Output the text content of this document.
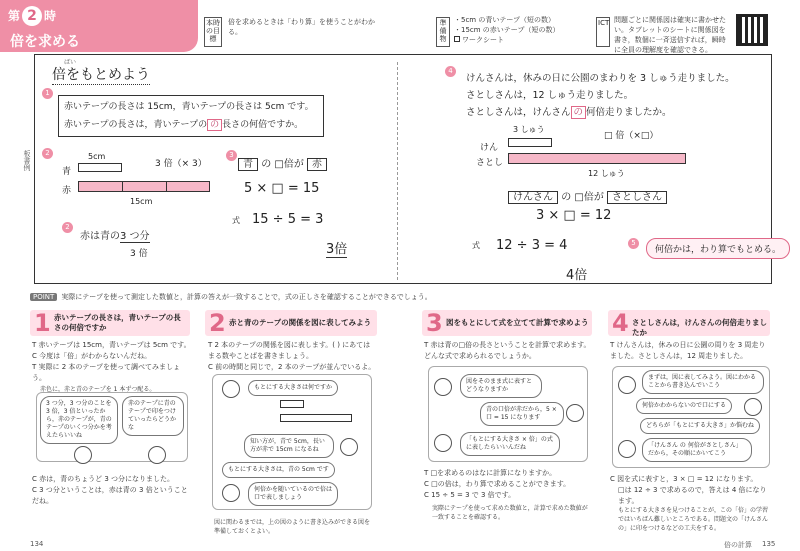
第 2 時
倍を求める
本時の目標
倍を求めるときは「わり算」を使うことがわかる。
準備物
・5cm の青いテープ（短の数）
・15cm の赤いテープ（短の数）
ワークシート
ICT 問題ごとに関係図は確実に書かせたい。タブレットのシートに関係図を書き，数個に一斉送信すれば，瞬時に全員の理解度を確認できる。
板書例
ばい
倍をもとめよう
1
赤いテープの長さは 15cm，青いテープの長さは 5cm です。
赤いテープの長さは，青いテープの の 長さの何倍ですか。
2
青
赤
5cm
15cm
3 倍（× 3）
3
青 の □倍が 赤
5 × □ = 15
式 15 ÷ 5 = 3
3倍
2
赤は青の3 つ分
3 倍
4
けんさんは，休みの日に公園のまわりを 3 しゅう走りました。
さとしさんは，12 しゅう走りました。
さとしさんは，けんさん の 何倍走りましたか。
3 しゅう
けん
さとし
12 しゅう
□ 倍（×□）
けんさん の □倍が さとしさん
3 × □ = 12
式 12 ÷ 3 = 4
4倍
5
何倍かは，わり算でもとめる。
POINT 実際にテープを使って測定した数値と，計算の答えが一致することで，式の正しさを確認することができるでしょう。
1 赤いテープの長さは，青いテープの長さの何倍ですか
T 赤いテープは 15cm，青いテープは 5cm です。
C 今度は「倍」がわからないんだね。
T 実際に 2 本のテープを使って調べてみましょう。
赤色に，赤と青のテープを 1 本ずつ配る。
3 つ分，3 つ分のことを 3 倍，3 倍といったから，赤のテープが，青のテープのいくつ分かを考えたらいいね
赤のテープに青のテープで印をつけていったらどうかな
C 赤は，青のちょうど 3 つ分になりました。
C 3 つ分ということは，赤は青の 3 倍ということだね。
2 赤と青のテープの関係を図に表してみよう
T 2 本のテープの関係を図に表します。( ) にあてはまる数やことばを書きましょう。
C 前の時間と同じで，2 本のテープが並んでいるよ。
もとにする大きさは何ですか
知い方が，青で 5cm，長い方が赤で 15cm になるね
もとにする大きさは，青の 5cm です
何倍かを随いているので倍は口で表しましょう
図に関わるまでは，上の図のように書き込みができる図を準備しておくとよい。
3 図をもとにして式を立てて計算で求めよう
T 赤は青の□倍の長さということを計算で求めます。どんな式で求められるでしょうか。
図をそのまま式に表すとどうなりますか
青の口倍が赤だから，5 × 口 = 15 になります
「もとにする大きさ × 倍」の式に表したらいいんだね
T □を求めるのはなに計算になりますか。
C □の倍は，わり算で求めることができます。
C 15 ÷ 5 = 3 で 3 倍です。
実際にテープを使って求めた数値と，計算で求めた数値が一致することを確認する。
4 さとしさんは，けんさんの何倍走りましたか
T けんさんは，休みの日に公園の周りを 3 周走りました。さとしさんは，12 周走りました。
まずは，図に表してみよう。図にわかることから書き込んでいこう
何倍かわからないので口にする
どちらが「もとにする大きさ」か悩むね
「けんさん の 何倍がさとしさん」だから，その順にかいてこう
C 図を式に表すと，3 × □ = 12 になります。
□は 12 ÷ 3 で求めるので，答えは 4 倍になります。
もとにする大きさを見つけることが，この「倍」の学習ではいちばん難しいところである。問題文の「けんさん の」に印をつけるなどの工夫をする。
134	倍の計算 135
